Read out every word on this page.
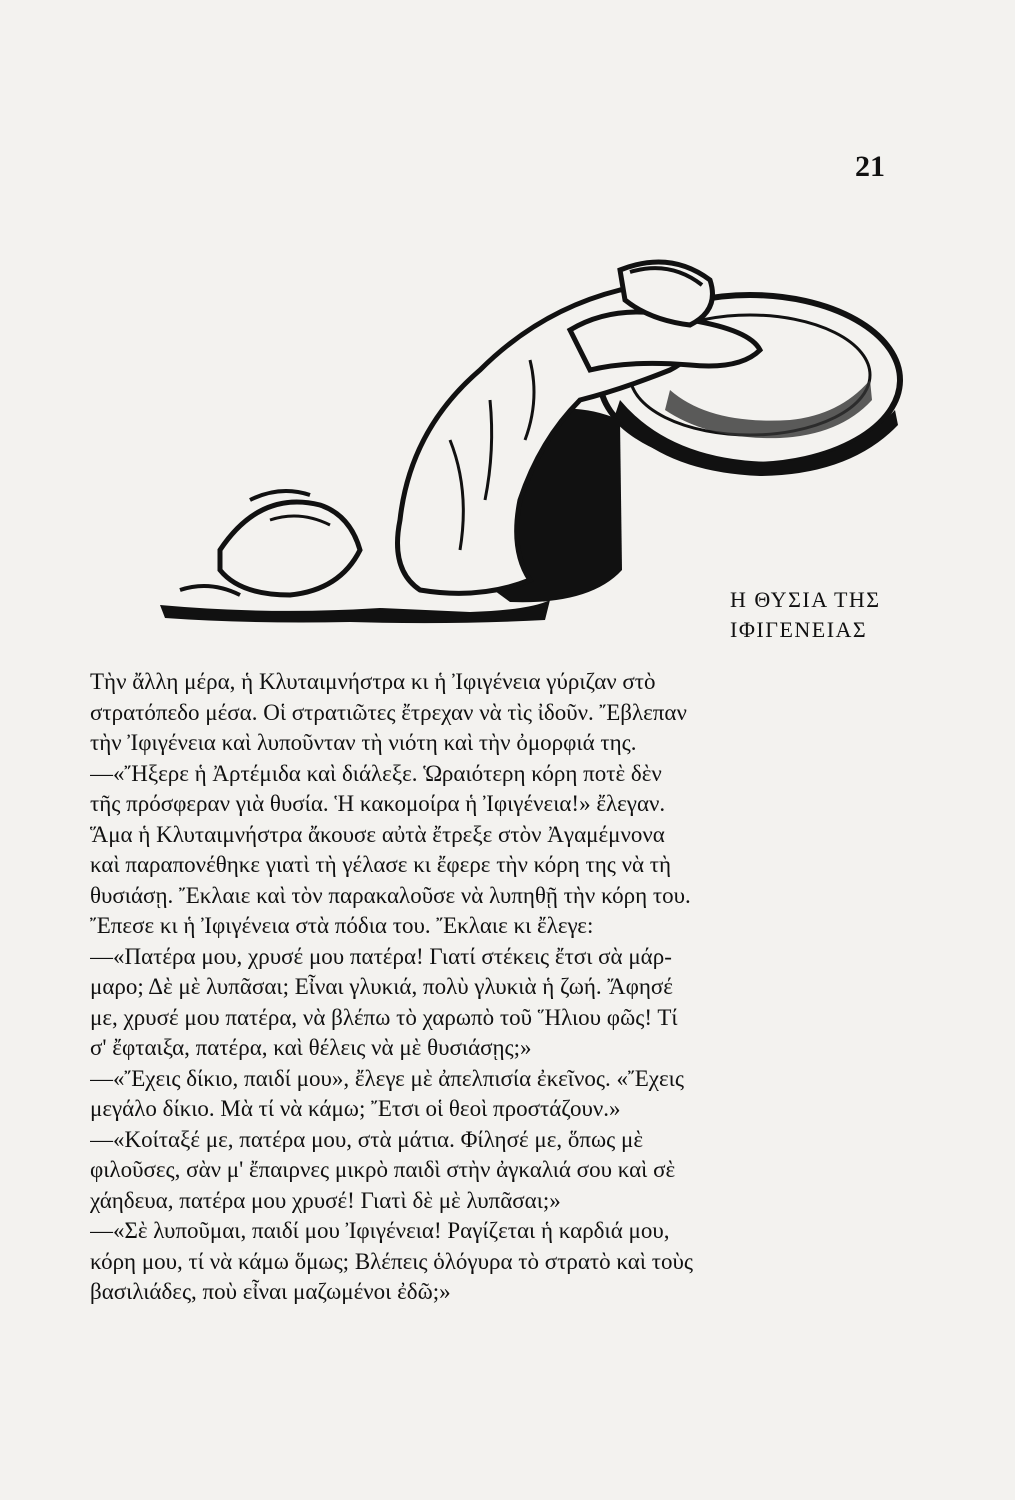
21
Η ΘΥΣΙΑ ΤΗΣ
ΙΦΙΓΕΝΕΙΑΣ
Τὴν ἄλλη μέρα, ἡ Κλυταιμνήστρα κι ἡ Ἰφιγένεια γύριζαν στὸ
στρατόπεδο μέσα. Οἱ στρατιῶτες ἔτρεχαν νὰ τὶς ἰδοῦν. Ἔβλεπαν
τὴν Ἰφιγένεια καὶ λυποῦνταν τὴ νιότη καὶ τὴν ὀμορφιά της.
—«Ἤξερε ἡ Ἀρτέμιδα καὶ διάλεξε. Ὡραιότερη κόρη ποτὲ δὲν
τῆς πρόσφεραν γιὰ θυσία. Ἡ κακομοίρα ἡ Ἰφιγένεια!» ἔλεγαν.
Ἅμα ἡ Κλυταιμνήστρα ἄκουσε αὐτὰ ἔτρεξε στὸν Ἀγαμέμνονα
καὶ παραπονέθηκε γιατὶ τὴ γέλασε κι ἔφερε τὴν κόρη της νὰ τὴ
θυσιάσῃ. Ἔκλαιε καὶ τὸν παρακαλοῦσε νὰ λυπηθῇ τὴν κόρη του.
Ἔπεσε κι ἡ Ἰφιγένεια στὰ πόδια του. Ἔκλαιε κι ἔλεγε:
—«Πατέρα μου, χρυσέ μου πατέρα! Γιατί στέκεις ἔτσι σὰ μάρ-
μαρο; Δὲ μὲ λυπᾶσαι; Εἶναι γλυκιά, πολὺ γλυκιὰ ἡ ζωή. Ἄφησέ
με, χρυσέ μου πατέρα, νὰ βλέπω τὸ χαρωπὸ τοῦ Ἥλιου φῶς! Τί
σ' ἔφταιξα, πατέρα, καὶ θέλεις νὰ μὲ θυσιάσῃς;»
—«Ἔχεις δίκιο, παιδί μου», ἔλεγε μὲ ἀπελπισία ἐκεῖνος. «Ἔχεις
μεγάλο δίκιο. Μὰ τί νὰ κάμω; Ἔτσι οἱ θεοὶ προστάζουν.»
—«Κοίταξέ με, πατέρα μου, στὰ μάτια. Φίλησέ με, ὅπως μὲ
φιλοῦσες, σὰν μ' ἔπαιρνες μικρὸ παιδὶ στὴν ἀγκαλιά σου καὶ σὲ
χάηδευα, πατέρα μου χρυσέ! Γιατὶ δὲ μὲ λυπᾶσαι;»
—«Σὲ λυποῦμαι, παιδί μου Ἰφιγένεια! Ραγίζεται ἡ καρδιά μου,
κόρη μου, τί νὰ κάμω ὅμως; Βλέπεις ὁλόγυρα τὸ στρατὸ καὶ τοὺς
βασιλιάδες, ποὺ εἶναι μαζωμένοι ἐδῶ;»
